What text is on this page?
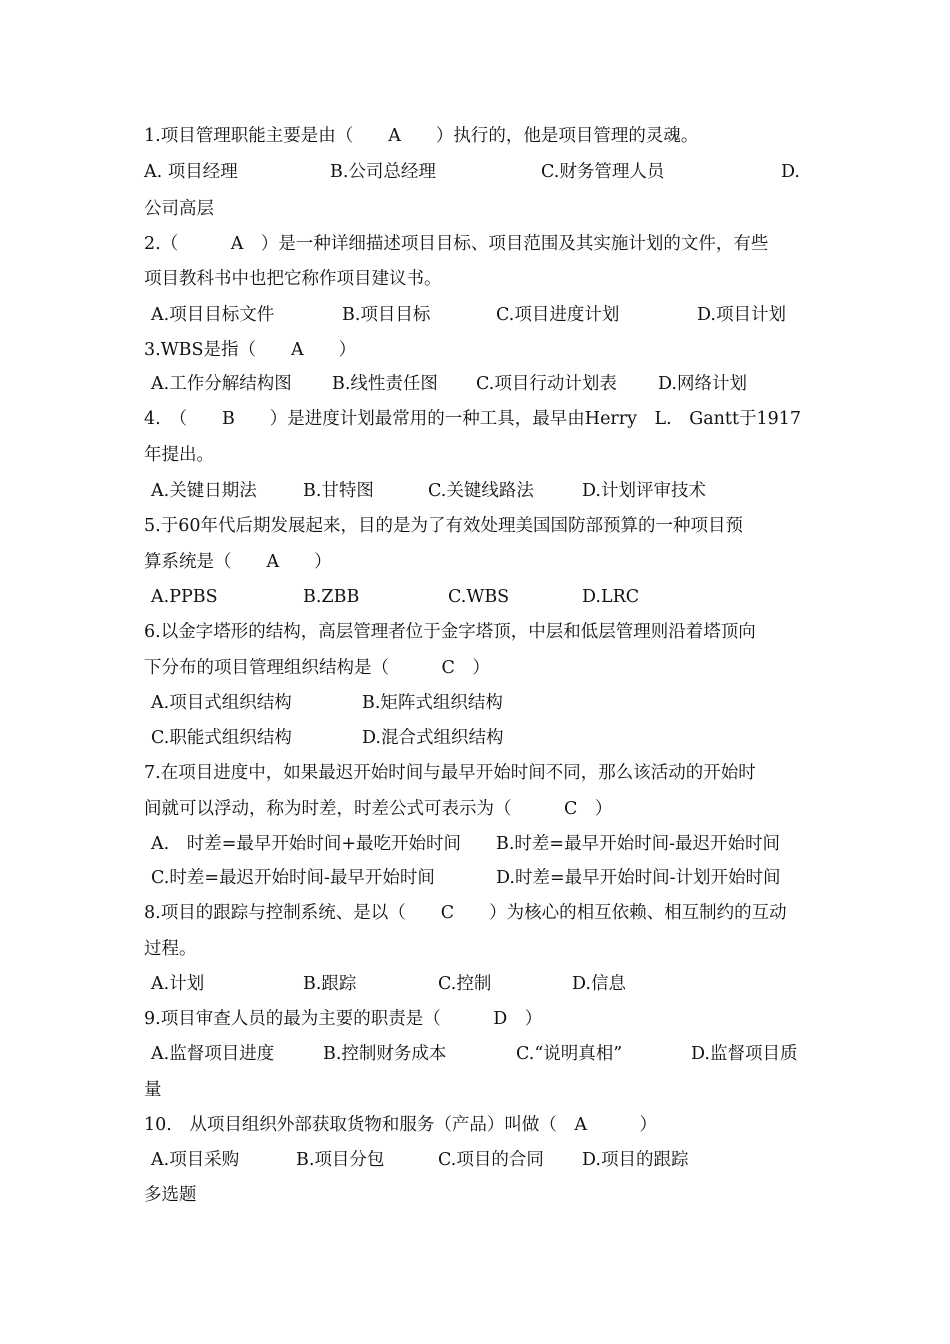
1.项目管理职能主要是由（　　A　　）执行的，他是项目管理的灵魂。
A. 项目经理	B.公司总经理	C.财务管理人员	D.
公司高层
2.（　　　A　）是一种详细描述项目目标、项目范围及其实施计划的文件，有些
项目教科书中也把它称作项目建议书。
A.项目目标文件	B.项目目标	C.项目进度计划	D.项目计划
3.WBS是指（　　A　　）
A.工作分解结构图 B.线性责任图 C.项目行动计划表 D.网络计划
4.　（　　B　　）是进度计划最常用的一种工具，最早由Herry　L.　Gantt于1917
年提出。
A.关键日期法	B.甘特图	C.关键线路法	D.计划评审技术
5.于60年代后期发展起来，目的是为了有效处理美国国防部预算的一种项目预
算系统是（　　A　　）
A.PPBS	B.ZBB	C.WBS	D.LRC
6.以金字塔形的结构，高层管理者位于金字塔顶，中层和低层管理则沿着塔顶向
下分布的项目管理组织结构是（　　　C　）
A.项目式组织结构	B.矩阵式组织结构
C.职能式组织结构	D.混合式组织结构
7.在项目进度中，如果最迟开始时间与最早开始时间不同，那么该活动的开始时
间就可以浮动，称为时差，时差公式可表示为（　　　C　）
A.　时差=最早开始时间+最吃开始时间 B.时差=最早开始时间-最迟开始时间
C.时差=最迟开始时间-最早开始时间	D.时差=最早开始时间-计划开始时间
8.项目的跟踪与控制系统、是以（　　C　　）为核心的相互依赖、相互制约的互动
过程。
A.计划	B.跟踪	C.控制	D.信息
9.项目审查人员的最为主要的职责是（　　　D　）
A.监督项目进度	B.控制财务成本	C.“说明真相”	D.监督项目质
量
10.　从项目组织外部获取货物和服务（产品）叫做（　A　　　）
A.项目采购	B.项目分包	C.项目的合同 D.项目的跟踪
多选题
